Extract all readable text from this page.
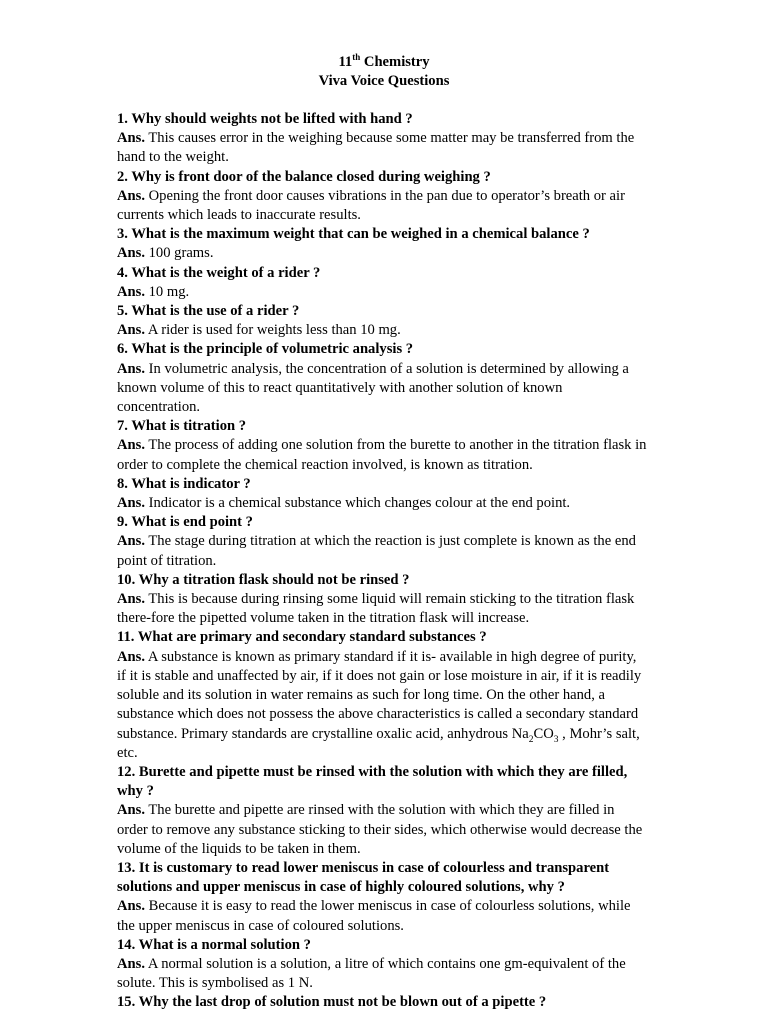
11th Chemistry
Viva Voice Questions
1. Why should weights not be lifted with hand ?
Ans. This causes error in the weighing because some matter may be transferred from the hand to the weight.
2. Why is front door of the balance closed during weighing ?
Ans. Opening the front door causes vibrations in the pan due to operator’s breath or air currents which leads to inaccurate results.
3. What is the maximum weight that can be weighed in a chemical balance ?
Ans. 100 grams.
4. What is the weight of a rider ?
Ans. 10 mg.
5. What is the use of a rider ?
Ans. A rider is used for weights less than 10 mg.
6. What is the principle of volumetric analysis ?
Ans. In volumetric analysis, the concentration of a solution is determined by allowing a known volume of this to react quantitatively with another solution of known concentration.
7. What is titration ?
Ans. The process of adding one solution from the burette to another in the titration flask in order to complete the chemical reaction involved, is known as titration.
8. What is indicator ?
Ans. Indicator is a chemical substance which changes colour at the end point.
9. What is end point ?
Ans. The stage during titration at which the reaction is just complete is known as the end point of titration.
10. Why a titration flask should not be rinsed ?
Ans. This is because during rinsing some liquid will remain sticking to the titration flask there-fore the pipetted volume taken in the titration flask will increase.
11. What are primary and secondary standard substances ?
Ans. A substance is known as primary standard if it is- available in high degree of purity, if it is stable and unaffected by air, if it does not gain or lose moisture in air, if it is readily soluble and its solution in water remains as such for long time. On the other hand, a substance which does not possess the above characteristics is called a secondary standard substance. Primary standards are crystalline oxalic acid, anhydrous $Na_2CO_3$ , Mohr’s salt, etc.
12. Burette and pipette must be rinsed with the solution with which they are filled, why ?
Ans. The burette and pipette are rinsed with the solution with which they are filled in order to remove any substance sticking to their sides, which otherwise would decrease the volume of the liquids to be taken in them.
13. It is customary to read lower meniscus in case of colourless and transparent solutions and upper meniscus in case of highly coloured solutions, why ?
Ans. Because it is easy to read the lower meniscus in case of colourless solutions, while the upper meniscus in case of coloured solutions.
14. What is a normal solution ?
Ans. A normal solution is a solution, a litre of which contains one gm-equivalent of the solute. This is symbolised as 1 N.
15. Why the last drop of solution must not be blown out of a pipette ?
